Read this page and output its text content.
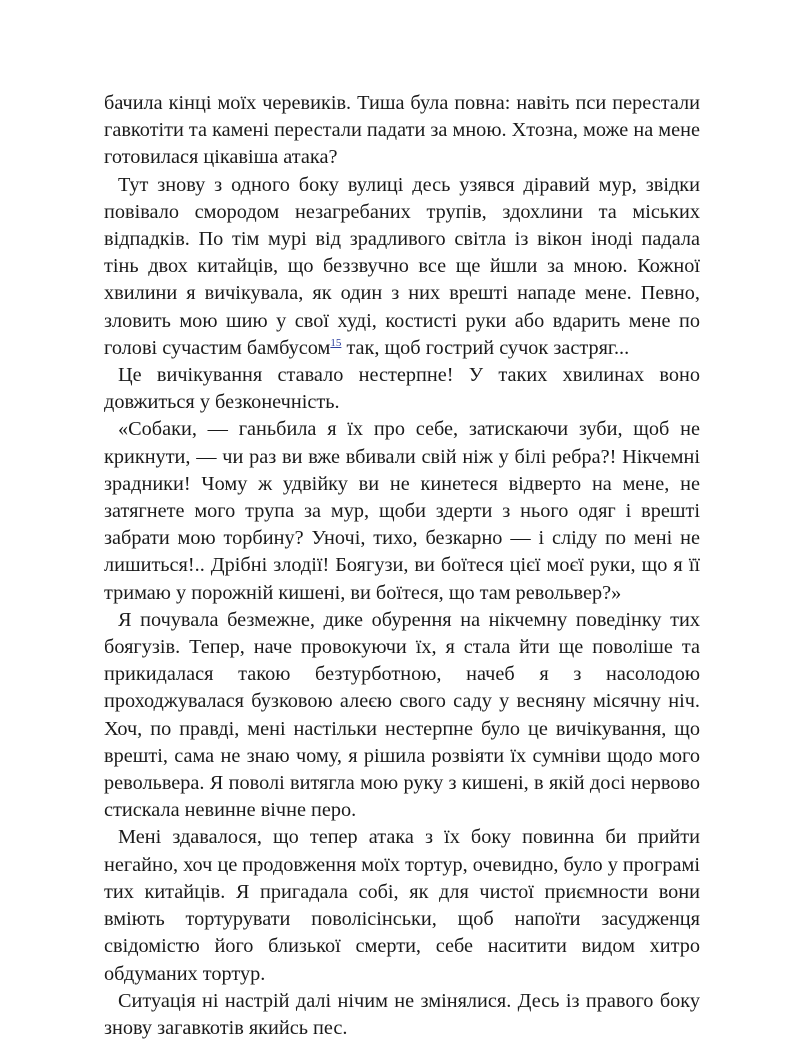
бачила кінці моїх черевиків. Тиша була повна: навіть пси перестали гавкотіти та камені перестали падати за мною. Хтозна, може на мене готовилася цікавіша атака?

Тут знову з одного боку вулиці десь узявся діравий мур, звідки повівало смородом незагребаних трупів, здохлини та міських відпадків. По тім мурі від зрадливого світла із вікон іноді падала тінь двох китайців, що беззвучно все ще йшли за мною. Кожної хвилини я вичікувала, як один з них врешті нападе мене. Певно, зловить мою шию у свої худі, костисті руки або вдарить мене по голові сучастим бамбусом$^{15}$ так, щоб гострий сучок застряг...

Це вичікування ставало нестерпне! У таких хвилинах воно довжиться у безконечність.

«Собаки, — ганьбила я їх про себе, затискаючи зуби, щоб не крикнути, — чи раз ви вже вбивали свій ніж у білі ребра?! Нікчемні зрадники! Чому ж удвійку ви не кинетеся відверто на мене, не затягнете мого трупа за мур, щоби здерти з нього одяг і врешті забрати мою торбину? Уночі, тихо, безкарно — і сліду по мені не лишиться!.. Дрібні злодії! Боягузи, ви боїтеся цієї моєї руки, що я її тримаю у порожній кишені, ви боїтеся, що там револьвер?»

Я почувала безмежне, дике обурення на нікчемну поведінку тих боягузів. Тепер, наче провокуючи їх, я стала йти ще поволіше та прикидалася такою безтурботною, начеб я з насолодою проходжувалася бузковою алеєю свого саду у весняну місячну ніч. Хоч, по правді, мені настільки нестерпне було це вичікування, що врешті, сама не знаю чому, я рішила розвіяти їх сумніви щодо мого револьвера. Я поволі витягла мою руку з кишені, в якій досі нервово стискала невинне вічне перо.

Мені здавалося, що тепер атака з їх боку повинна би прийти негайно, хоч це продовження моїх тортур, очевидно, було у програмі тих китайців. Я пригадала собі, як для чистої приємности вони вміють тортурувати поволісінськи, щоб напоїти засудженця свідомістю його близької смерти, себе наситити видом хитро обдуманих тортур.

Ситуація ні настрій далі нічим не змінялися. Десь із правого боку знову загавкотів якийсь пес.
